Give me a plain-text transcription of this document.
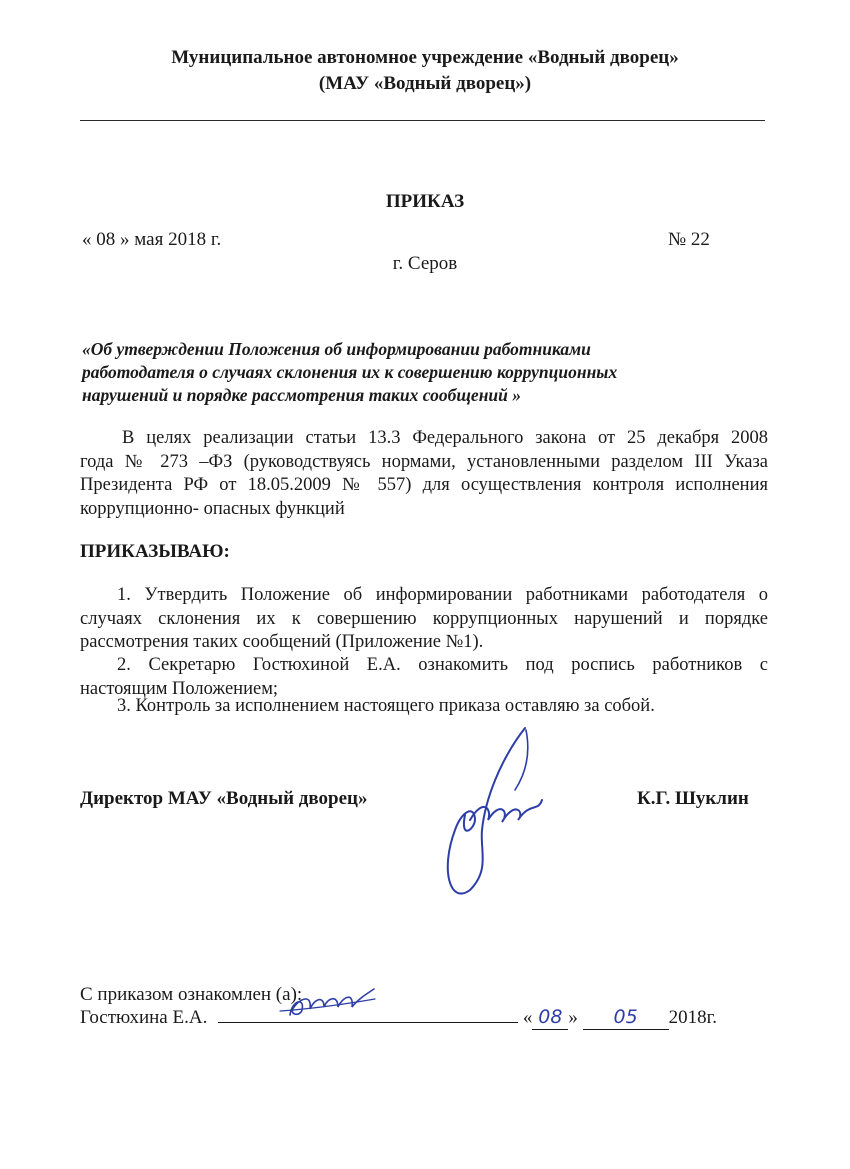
Муниципальное автономное учреждение «Водный дворец»
(МАУ «Водный дворец»)
ПРИКАЗ
« 08 » мая 2018 г.	№ 22
г. Серов
«Об утверждении Положения об информировании работниками
работодателя о случаях склонения их к совершению коррупционных
нарушений и порядке рассмотрения таких сообщений »
В целях реализации статьи 13.3 Федерального закона от 25 декабря 2008
года № 273 –ФЗ (руководствуясь нормами, установленными разделом III Указа
Президента РФ от 18.05.2009 № 557) для осуществления контроля исполнения
коррупционно- опасных функций
ПРИКАЗЫВАЮ:
1. Утвердить Положение об информировании работниками работодателя о
случаях склонения их к совершению коррупционных нарушений и порядке
рассмотрения таких сообщений (Приложение №1).
2. Секретарю Гостюхиной Е.А. ознакомить под роспись работников с
настоящим Положением;
3. Контроль за исполнением настоящего приказа оставляю за собой.
Директор МАУ «Водный дворец»	К.Г. Шуклин
С приказом ознакомлен (а):
Гостюхина Е.А.	« 08 » 05 2018г.
